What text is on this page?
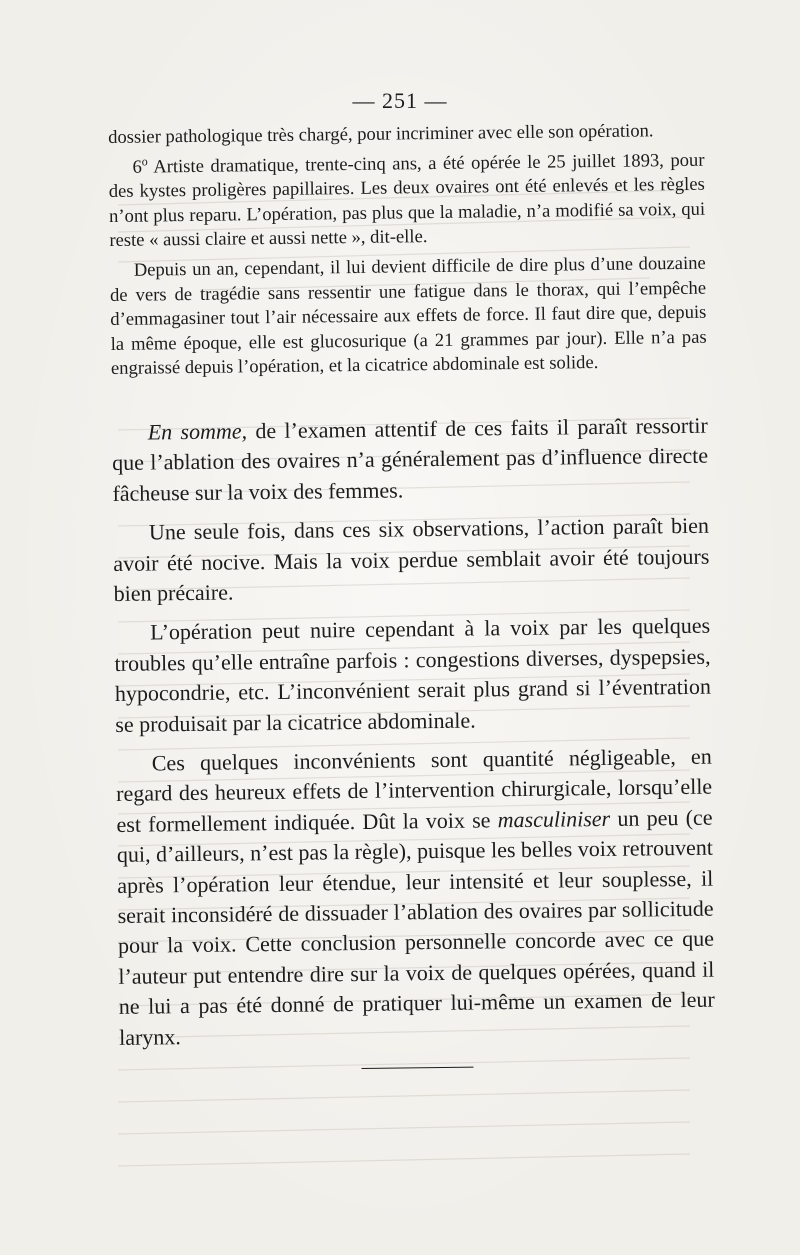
— 251 —

dossier pathologique très chargé, pour incriminer avec elle son opération.

6$^o$ Artiste dramatique, trente-cinq ans, a été opérée le 25 juillet 1893, pour des kystes proligères papillaires. Les deux ovaires ont été enlevés et les règles n’ont plus reparu. L’opération, pas plus que la maladie, n’a modifié sa voix, qui reste « aussi claire et aussi nette », dit-elle.

Depuis un an, cependant, il lui devient difficile de dire plus d’une douzaine de vers de tragédie sans ressentir une fatigue dans le thorax, qui l’empêche d’emmagasiner tout l’air nécessaire aux effets de force. Il faut dire que, depuis la même époque, elle est glucosurique (a 21 grammes par jour). Elle n’a pas engraissé depuis l’opération, et la cicatrice abdominale est solide.

En somme, de l’examen attentif de ces faits il paraît ressortir que l’ablation des ovaires n’a généralement pas d’influence directe fâcheuse sur la voix des femmes.

Une seule fois, dans ces six observations, l’action paraît bien avoir été nocive. Mais la voix perdue semblait avoir été toujours bien précaire.

L’opération peut nuire cependant à la voix par les quelques troubles qu’elle entraîne parfois : congestions diverses, dyspepsies, hypocondrie, etc. L’inconvénient serait plus grand si l’éventration se produisait par la cicatrice abdominale.

Ces quelques inconvénients sont quantité négligeable, en regard des heureux effets de l’intervention chirurgicale, lorsqu’elle est formellement indiquée. Dût la voix se masculiniser un peu (ce qui, d’ailleurs, n’est pas la règle), puisque les belles voix retrouvent après l’opération leur étendue, leur intensité et leur souplesse, il serait inconsidéré de dissuader l’ablation des ovaires par sollicitude pour la voix. Cette conclusion personnelle concorde avec ce que l’auteur put entendre dire sur la voix de quelques opérées, quand il ne lui a pas été donné de pratiquer lui-même un examen de leur larynx.
